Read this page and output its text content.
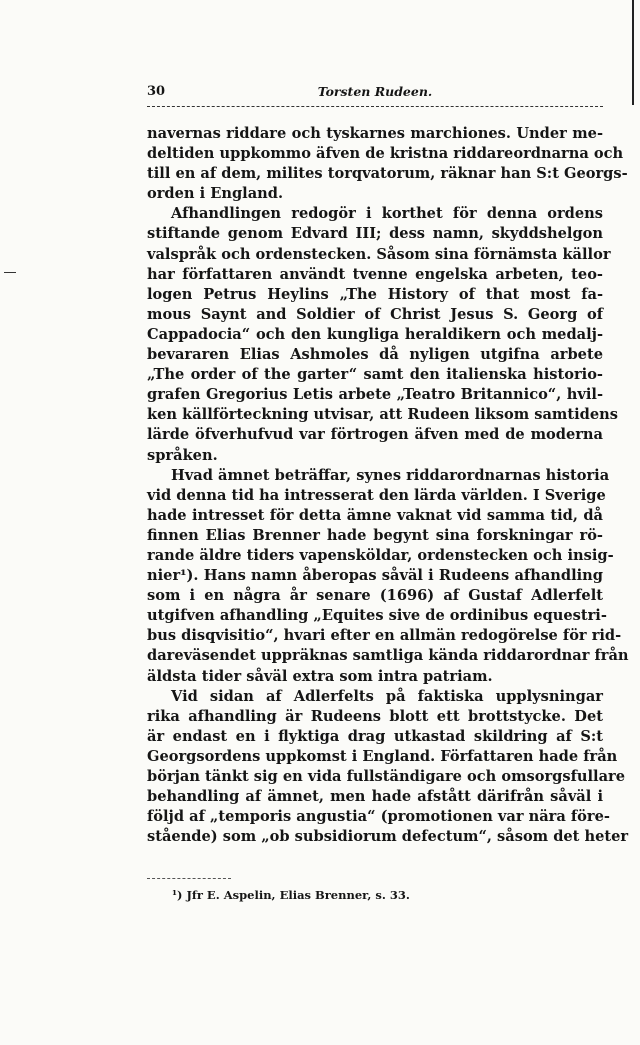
30	Torsten Rudeen.
navernas riddare och tyskarnes marchiones. Under me-
deltiden uppkommo äfven de kristna riddareordnarna och
till en af dem, milites torqvatorum, räknar han S:t Georgs-
orden i England.
Afhandlingen redogör i korthet för denna ordens
stiftande genom Edvard III; dess namn, skyddshelgon
valspråk och ordenstecken. Såsom sina förnämsta källor
har författaren användt tvenne engelska arbeten, teo-
logen Petrus Heylins „The History of that most fa-
mous Saynt and Soldier of Christ Jesus S. Georg of
Cappadocia“ och den kungliga heraldikern och medalj-
bevararen Elias Ashmoles då nyligen utgifna arbete
„The order of the garter“ samt den italienska historio-
grafen Gregorius Letis arbete „Teatro Britannico“, hvil-
ken källförteckning utvisar, att Rudeen liksom samtidens
lärde öfverhufvud var förtrogen äfven med de moderna
språken.
Hvad ämnet beträffar, synes riddarordnarnas historia
vid denna tid ha intresserat den lärda världen. I Sverige
hade intresset för detta ämne vaknat vid samma tid, då
finnen Elias Brenner hade begynt sina forskningar rö-
rande äldre tiders vapensköldar, ordenstecken och insig-
nier¹). Hans namn åberopas såväl i Rudeens afhandling
som i en några år senare (1696) af Gustaf Adlerfelt
utgifven afhandling „Equites sive de ordinibus equestri-
bus disqvisitio“, hvari efter en allmän redogörelse för rid-
dareväsendet uppräknas samtliga kända riddarordnar från
äldsta tider såväl extra som intra patriam.
Vid sidan af Adlerfelts på faktiska upplysningar
rika afhandling är Rudeens blott ett brottstycke. Det
är endast en i flyktiga drag utkastad skildring af S:t
Georgsordens uppkomst i England. Författaren hade från
början tänkt sig en vida fullständigare och omsorgsfullare
behandling af ämnet, men hade afstått därifrån såväl i
följd af „temporis angustia“ (promotionen var nära före-
stående) som „ob subsidiorum defectum“, såsom det heter
¹) Jfr E. Aspelin, Elias Brenner, s. 33.
